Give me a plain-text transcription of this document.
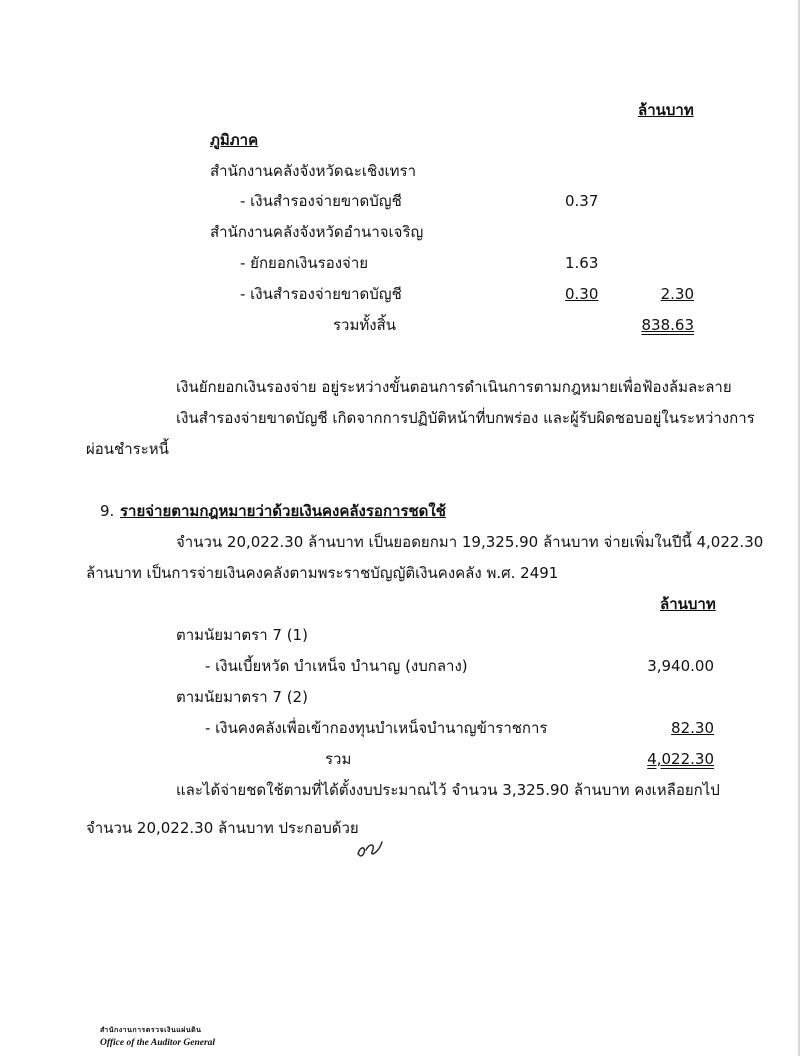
ล้านบาท
ภูมิภาค
สำนักงานคลังจังหวัดฉะเชิงเทรา
- เงินสำรองจ่ายขาดบัญชี	0.37
สำนักงานคลังจังหวัดอำนาจเจริญ
- ยักยอกเงินรองจ่าย	1.63
- เงินสำรองจ่ายขาดบัญชี	0.30	2.30
รวมทั้งสิ้น	838.63
เงินยักยอกเงินรองจ่าย อยู่ระหว่างขั้นตอนการดำเนินการตามกฎหมายเพื่อฟ้องล้มละลาย
เงินสำรองจ่ายขาดบัญชี เกิดจากการปฏิบัติหน้าที่บกพร่อง และผู้รับผิดชอบอยู่ในระหว่างการ
ผ่อนชำระหนี้
9. รายจ่ายตามกฎหมายว่าด้วยเงินคงคลังรอการชดใช้
จำนวน 20,022.30 ล้านบาท เป็นยอดยกมา 19,325.90 ล้านบาท จ่ายเพิ่มในปีนี้ 4,022.30
ล้านบาท เป็นการจ่ายเงินคงคลังตามพระราชบัญญัติเงินคงคลัง พ.ศ. 2491
ล้านบาท
ตามนัยมาตรา 7 (1)
- เงินเบี้ยหวัด บำเหน็จ บำนาญ (งบกลาง)	3,940.00
ตามนัยมาตรา 7 (2)
- เงินคงคลังเพื่อเข้ากองทุนบำเหน็จบำนาญข้าราชการ	82.30
รวม	4,022.30
และได้จ่ายชดใช้ตามที่ได้ตั้งงบประมาณไว้ จำนวน 3,325.90 ล้านบาท คงเหลือยกไป
จำนวน 20,022.30 ล้านบาท ประกอบด้วย
สำนักงานการตรวจเงินแผ่นดิน
Office of the Auditor General
